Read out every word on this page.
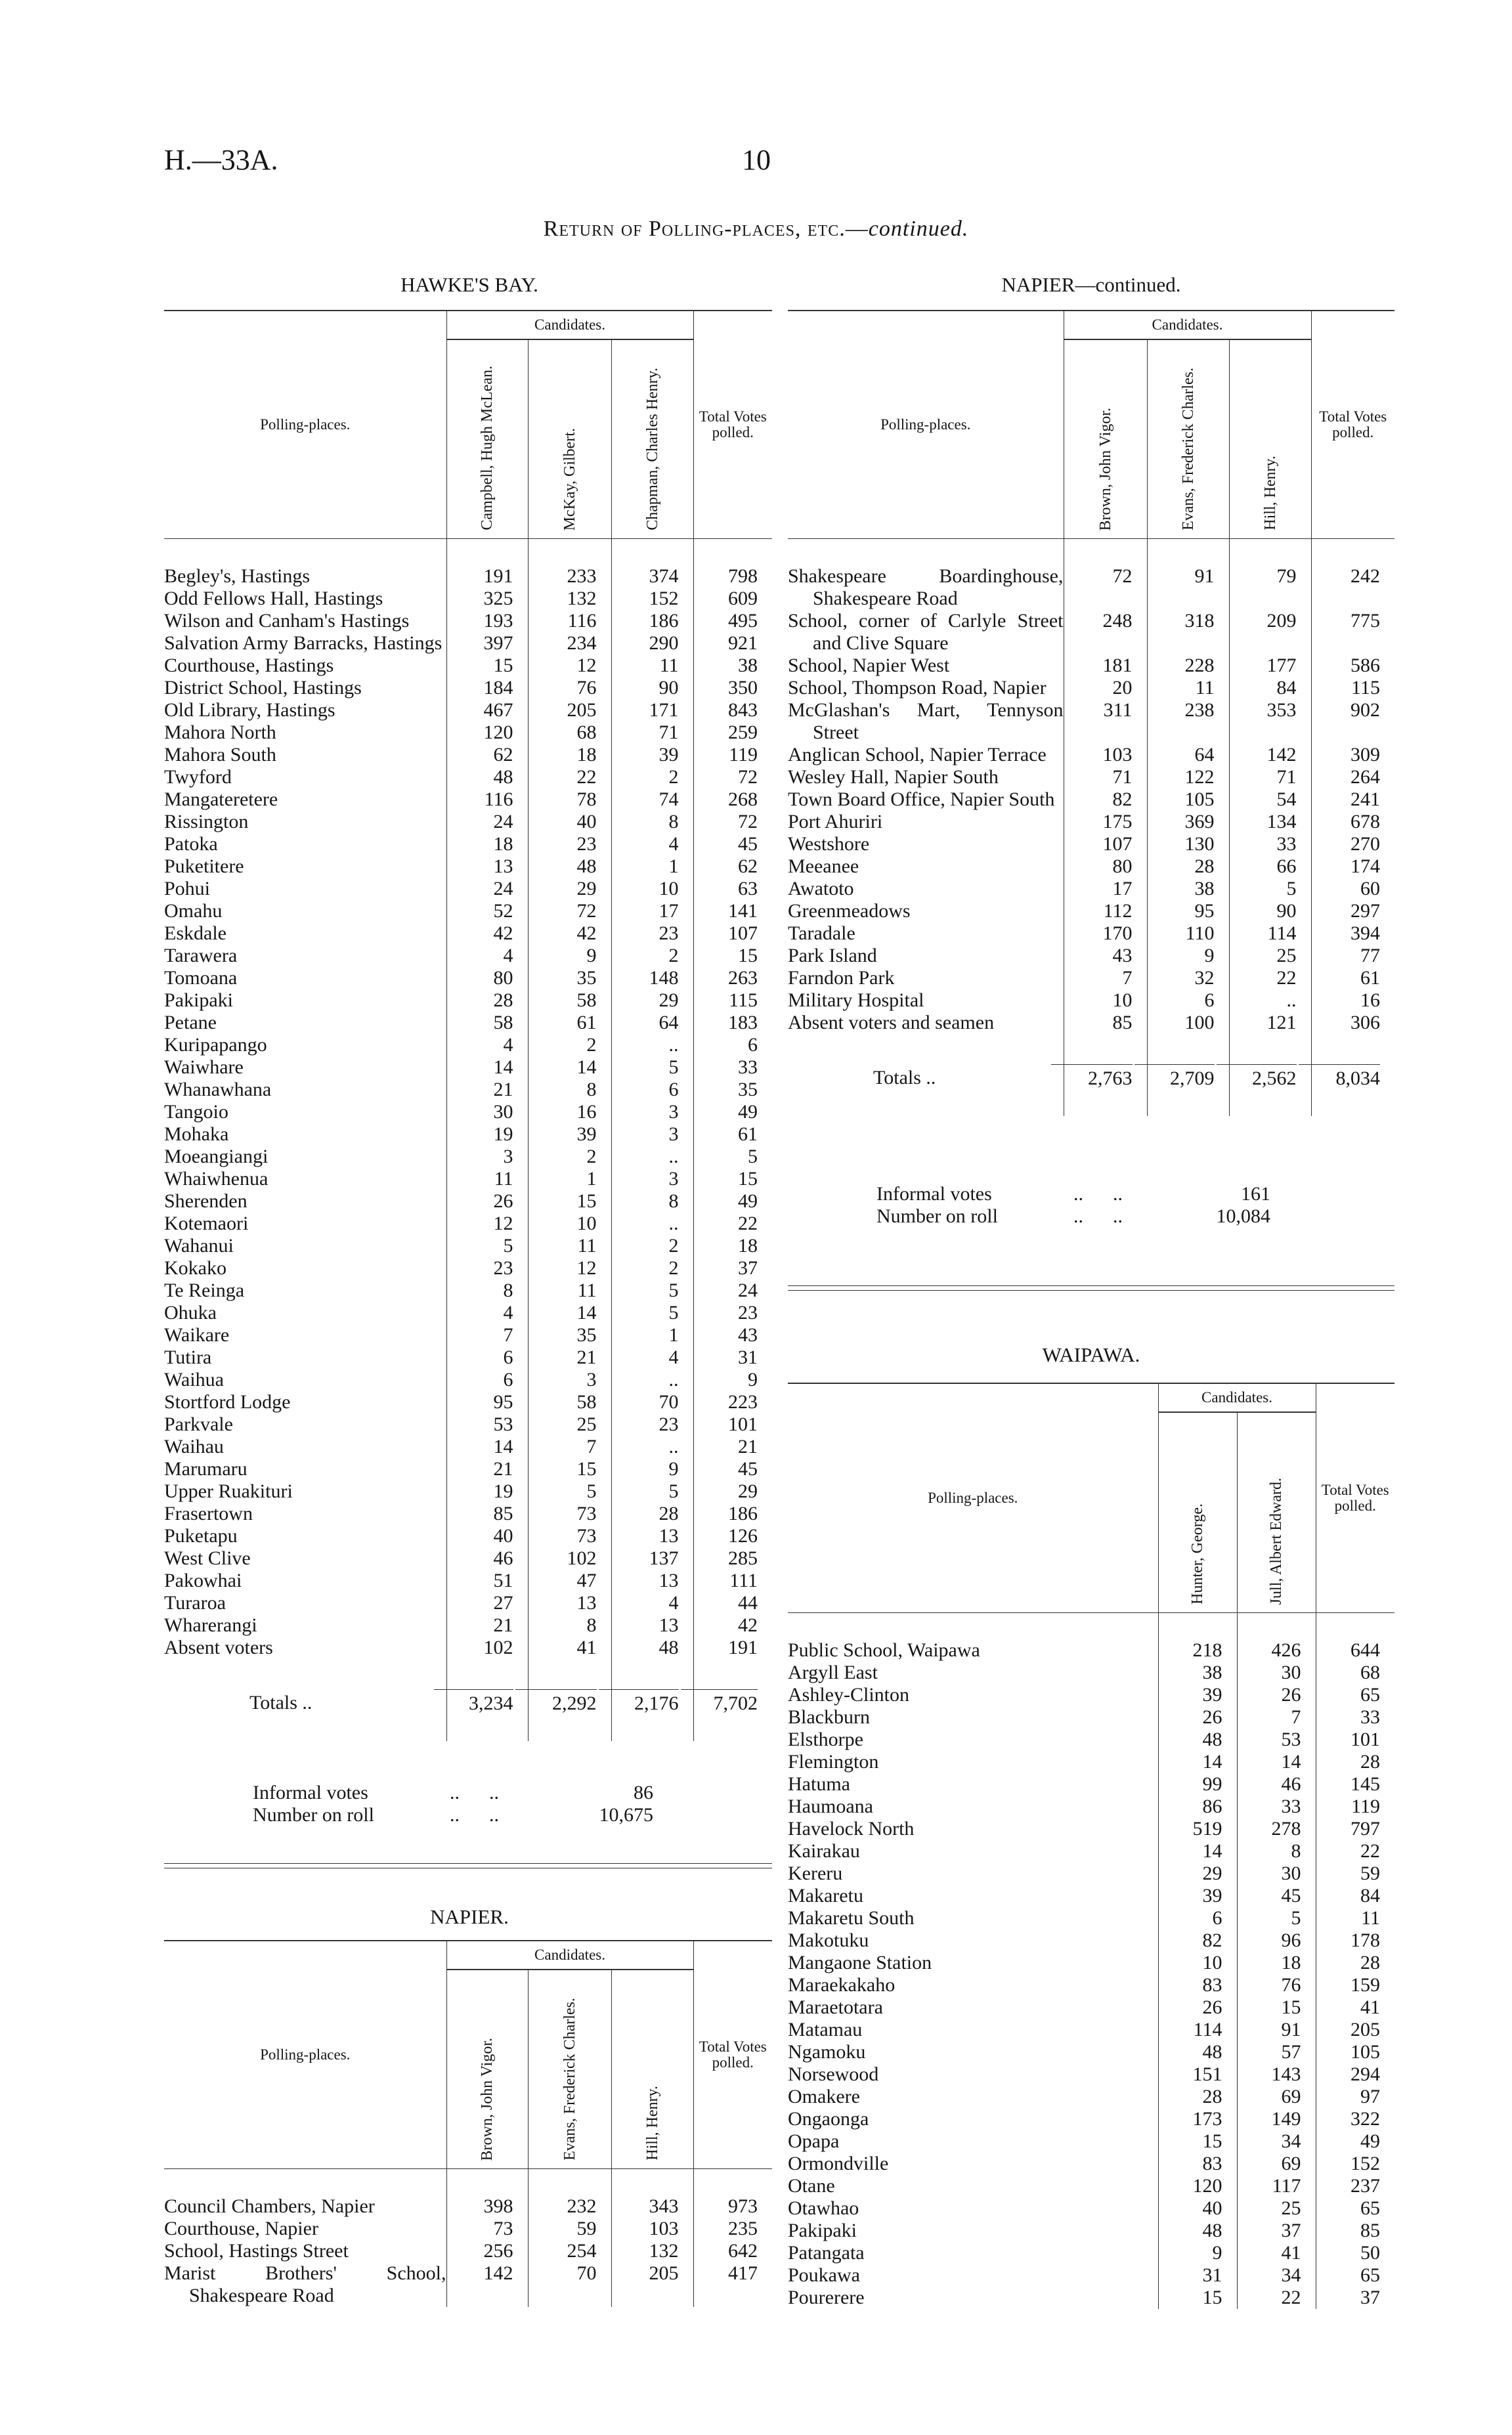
H.—33A.	10
Return of Polling-places, etc.—continued.
HAWKE'S BAY.
Polling-places.	Candidates.			Total Votes polled.

	Campbell, Hugh McLean.	McKay, Gilbert.	Chapman, Charles Henry.	

Begley's, Hastings	191	233	374	798

Odd Fellows Hall, Hastings	325	132	152	609

Wilson and Canham's Hastings	193	116	186	495

Salvation Army Barracks, Hastings	397	234	290	921

Courthouse, Hastings	15	12	11	38

District School, Hastings	184	76	90	350

Old Library, Hastings	467	205	171	843

Mahora North	120	68	71	259

Mahora South	62	18	39	119

Twyford	48	22	2	72

Mangateretere	116	78	74	268

Rissington	24	40	8	72

Patoka	18	23	4	45

Puketitere	13	48	1	62

Pohui	24	29	10	63

Omahu	52	72	17	141

Eskdale	42	42	23	107

Tarawera	4	9	2	15

Tomoana	80	35	148	263

Pakipaki	28	58	29	115

Petane	58	61	64	183

Kuripapango	4	2	..	6

Waiwhare	14	14	5	33

Whanawhana	21	8	6	35

Tangoio	30	16	3	49

Mohaka	19	39	3	61

Moeangiangi	3	2	..	5

Whaiwhenua	11	1	3	15

Sherenden	26	15	8	49

Kotemaori	12	10	..	22

Wahanui	5	11	2	18

Kokako	23	12	2	37

Te Reinga	8	11	5	24

Ohuka	4	14	5	23

Waikare	7	35	1	43

Tutira	6	21	4	31

Waihua	6	3	..	9

Stortford Lodge	95	58	70	223

Parkvale	53	25	23	101

Waihau	14	7	..	21

Marumaru	21	15	9	45

Upper Ruakituri	19	5	5	29

Frasertown	85	73	28	186

Puketapu	40	73	13	126

West Clive	46	102	137	285

Pakowhai	51	47	13	111

Turaroa	27	13	4	44

Wharerangi	21	8	13	42

Absent voters	102	41	48	191

Totals ..	3,234	2,292	2,176	7,702

Informal votes	..      ..	86
Number on roll	..      ..	10,675
NAPIER.
Polling-places.	Candidates.			Total Votes polled.

	Brown, John Vigor.	Evans, Frederick Charles.	Hill, Henry.	

Council Chambers, Napier	398	232	343	973

Courthouse, Napier	73	59	103	235

School, Hastings Street	256	254	132	642

Marist Brothers' School, Shakespeare Road	142	70	205	417
NAPIER—continued.
Polling-places.	Candidates.			Total Votes polled.

	Brown, John Vigor.	Evans, Frederick Charles.	Hill, Henry.	

Shakespeare Boardinghouse, Shakespeare Road	72	91	79	242

School, corner of Carlyle Street and Clive Square	248	318	209	775

School, Napier West	181	228	177	586

School, Thompson Road, Napier	20	11	84	115

McGlashan's Mart, Tennyson Street	311	238	353	902

Anglican School, Napier Terrace	103	64	142	309

Wesley Hall, Napier South	71	122	71	264

Town Board Office, Napier South	82	105	54	241

Port Ahuriri	175	369	134	678

Westshore	107	130	33	270

Meeanee	80	28	66	174

Awatoto	17	38	5	60

Greenmeadows	112	95	90	297

Taradale	170	110	114	394

Park Island	43	9	25	77

Farndon Park	7	32	22	61

Military Hospital	10	6	..	16

Absent voters and seamen	85	100	121	306

Totals ..	2,763	2,709	2,562	8,034

Informal votes	..      ..	161
Number on roll	..      ..	10,084
WAIPAWA.
Polling-places.	Candidates.		Total Votes polled.

	Hunter, George.	Jull, Albert Edward.	

Public School, Waipawa	218	426	644

Argyll East	38	30	68

Ashley-Clinton	39	26	65

Blackburn	26	7	33

Elsthorpe	48	53	101

Flemington	14	14	28

Hatuma	99	46	145

Haumoana	86	33	119

Havelock North	519	278	797

Kairakau	14	8	22

Kereru	29	30	59

Makaretu	39	45	84

Makaretu South	6	5	11

Makotuku	82	96	178

Mangaone Station	10	18	28

Maraekakaho	83	76	159

Maraetotara	26	15	41

Matamau	114	91	205

Ngamoku	48	57	105

Norsewood	151	143	294

Omakere	28	69	97

Ongaonga	173	149	322

Opapa	15	34	49

Ormondville	83	69	152

Otane	120	117	237

Otawhao	40	25	65

Pakipaki	48	37	85

Patangata	9	41	50

Poukawa	31	34	65

Pourerere	15	22	37
